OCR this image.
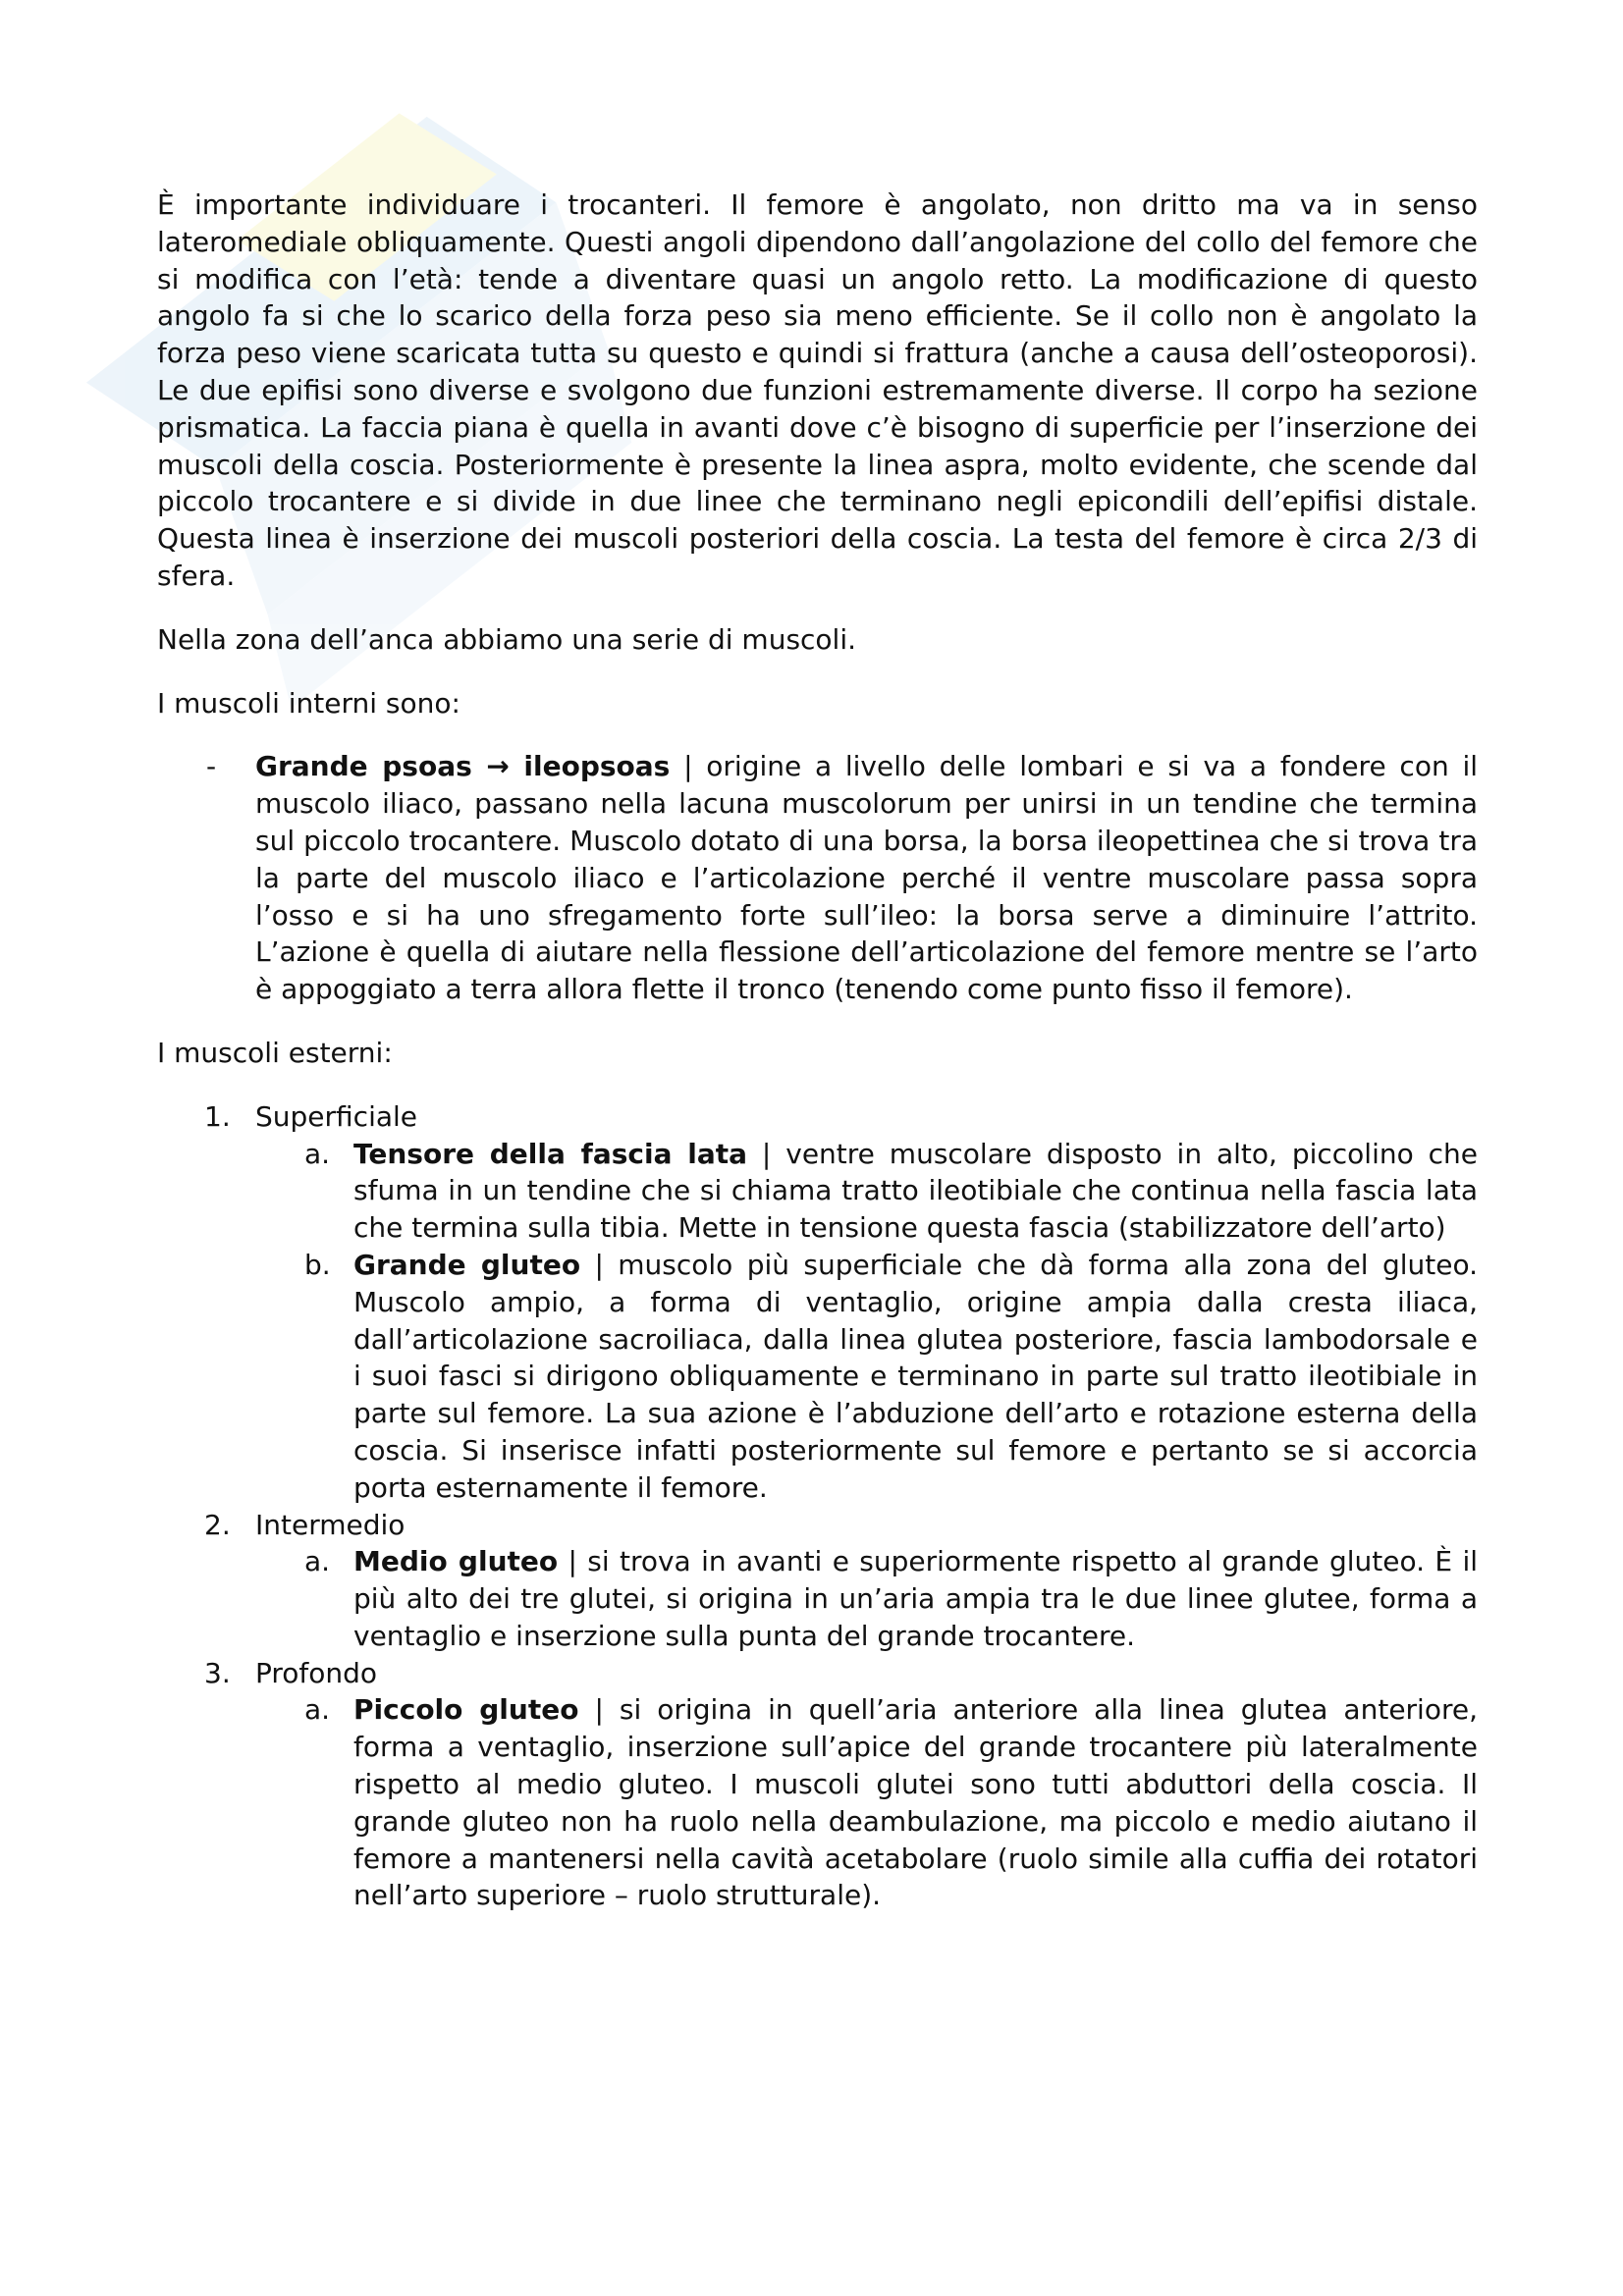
È importante individuare i trocanteri. Il femore è angolato, non dritto ma va in senso lateromediale obliquamente. Questi angoli dipendono dall’angolazione del collo del femore che si modifica con l’età: tende a diventare quasi un angolo retto. La modificazione di questo angolo fa si che lo scarico della forza peso sia meno efficiente. Se il collo non è angolato la forza peso viene scaricata tutta su questo e quindi si frattura (anche a causa dell’osteoporosi). Le due epifisi sono diverse e svolgono due funzioni estremamente diverse. Il corpo ha sezione prismatica. La faccia piana è quella in avanti dove c’è bisogno di superficie per l’inserzione dei muscoli della coscia. Posteriormente è presente la linea aspra, molto evidente, che scende dal piccolo trocantere e si divide in due linee che terminano negli epicondili dell’epifisi distale. Questa linea è inserzione dei muscoli posteriori della coscia. La testa del femore è circa 2/3 di sfera.

Nella zona dell’anca abbiamo una serie di muscoli.

I muscoli interni sono:

- Grande psoas → ileopsoas | origine a livello delle lombari e si va a fondere con il muscolo iliaco, passano nella lacuna muscolorum per unirsi in un tendine che termina sul piccolo trocantere. Muscolo dotato di una borsa, la borsa ileopettinea che si trova tra la parte del muscolo iliaco e l’articolazione perché il ventre muscolare passa sopra l’osso e si ha uno sfregamento forte sull’ileo: la borsa serve a diminuire l’attrito. L’azione è quella di aiutare nella flessione dell’articolazione del femore mentre se l’arto è appoggiato a terra allora flette il tronco (tenendo come punto fisso il femore).

I muscoli esterni:

1. Superficiale
a. Tensore della fascia lata | ventre muscolare disposto in alto, piccolino che sfuma in un tendine che si chiama tratto ileotibiale che continua nella fascia lata che termina sulla tibia. Mette in tensione questa fascia (stabilizzatore dell’arto)
b. Grande gluteo | muscolo più superficiale che dà forma alla zona del gluteo. Muscolo ampio, a forma di ventaglio, origine ampia dalla cresta iliaca, dall’articolazione sacroiliaca, dalla linea glutea posteriore, fascia lambodorsale e i suoi fasci si dirigono obliquamente e terminano in parte sul tratto ileotibiale in parte sul femore. La sua azione è l’abduzione dell’arto e rotazione esterna della coscia. Si inserisce infatti posteriormente sul femore e pertanto se si accorcia porta esternamente il femore.
2. Intermedio
a. Medio gluteo | si trova in avanti e superiormente rispetto al grande gluteo. È il più alto dei tre glutei, si origina in un’aria ampia tra le due linee glutee, forma a ventaglio e inserzione sulla punta del grande trocantere.
3. Profondo
a. Piccolo gluteo | si origina in quell’aria anteriore alla linea glutea anteriore, forma a ventaglio, inserzione sull’apice del grande trocantere più lateralmente rispetto al medio gluteo. I muscoli glutei sono tutti abduttori della coscia. Il grande gluteo non ha ruolo nella deambulazione, ma piccolo e medio aiutano il femore a mantenersi nella cavità acetabolare (ruolo simile alla cuffia dei rotatori nell’arto superiore – ruolo strutturale).
